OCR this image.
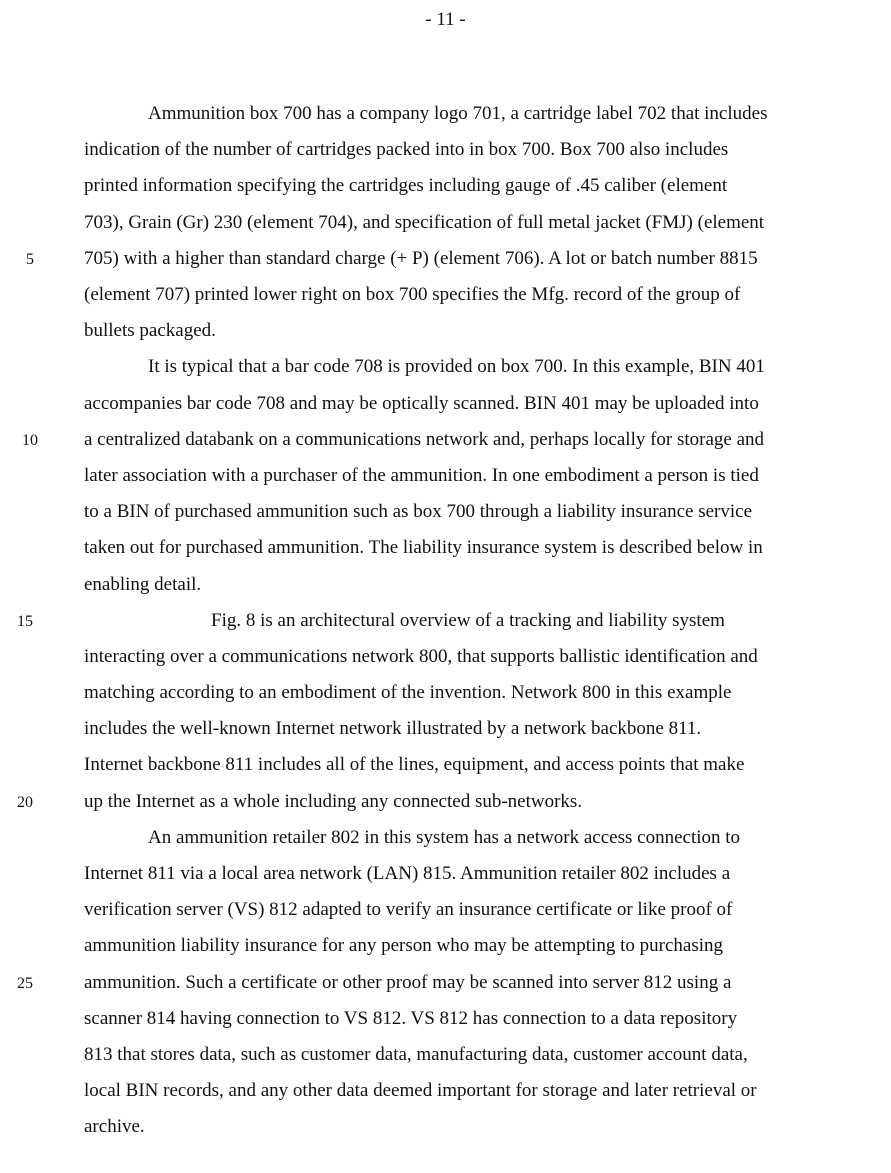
- 11 -
5
10
15
20
25
Ammunition box 700 has a company logo 701, a cartridge label 702 that includes
indication of the number of cartridges packed into in box 700. Box 700 also includes
printed information specifying the cartridges including gauge of .45 caliber (element
703), Grain (Gr) 230 (element 704), and specification of full metal jacket (FMJ) (element
705) with a higher than standard charge (+ P) (element 706). A lot or batch number 8815
(element 707) printed lower right on box 700 specifies the Mfg. record of the group of
bullets packaged.
It is typical that a bar code 708 is provided on box 700. In this example, BIN 401
accompanies bar code 708 and may be optically scanned. BIN 401 may be uploaded into
a centralized databank on a communications network and, perhaps locally for storage and
later association with a purchaser of the ammunition. In one embodiment a person is tied
to a BIN of purchased ammunition such as box 700 through a liability insurance service
taken out for purchased ammunition. The liability insurance system is described below in
enabling detail.
Fig. 8 is an architectural overview of a tracking and liability system
interacting over a communications network 800, that supports ballistic identification and
matching according to an embodiment of the invention. Network 800 in this example
includes the well-known Internet network illustrated by a network backbone 811.
Internet backbone 811 includes all of the lines, equipment, and access points that make
up the Internet as a whole including any connected sub-networks.
An ammunition retailer 802 in this system has a network access connection to
Internet 811 via a local area network (LAN) 815. Ammunition retailer 802 includes a
verification server (VS) 812 adapted to verify an insurance certificate or like proof of
ammunition liability insurance for any person who may be attempting to purchasing
ammunition. Such a certificate or other proof may be scanned into server 812 using a
scanner 814 having connection to VS 812. VS 812 has connection to a data repository
813 that stores data, such as customer data, manufacturing data, customer account data,
local BIN records, and any other data deemed important for storage and later retrieval or
archive.
